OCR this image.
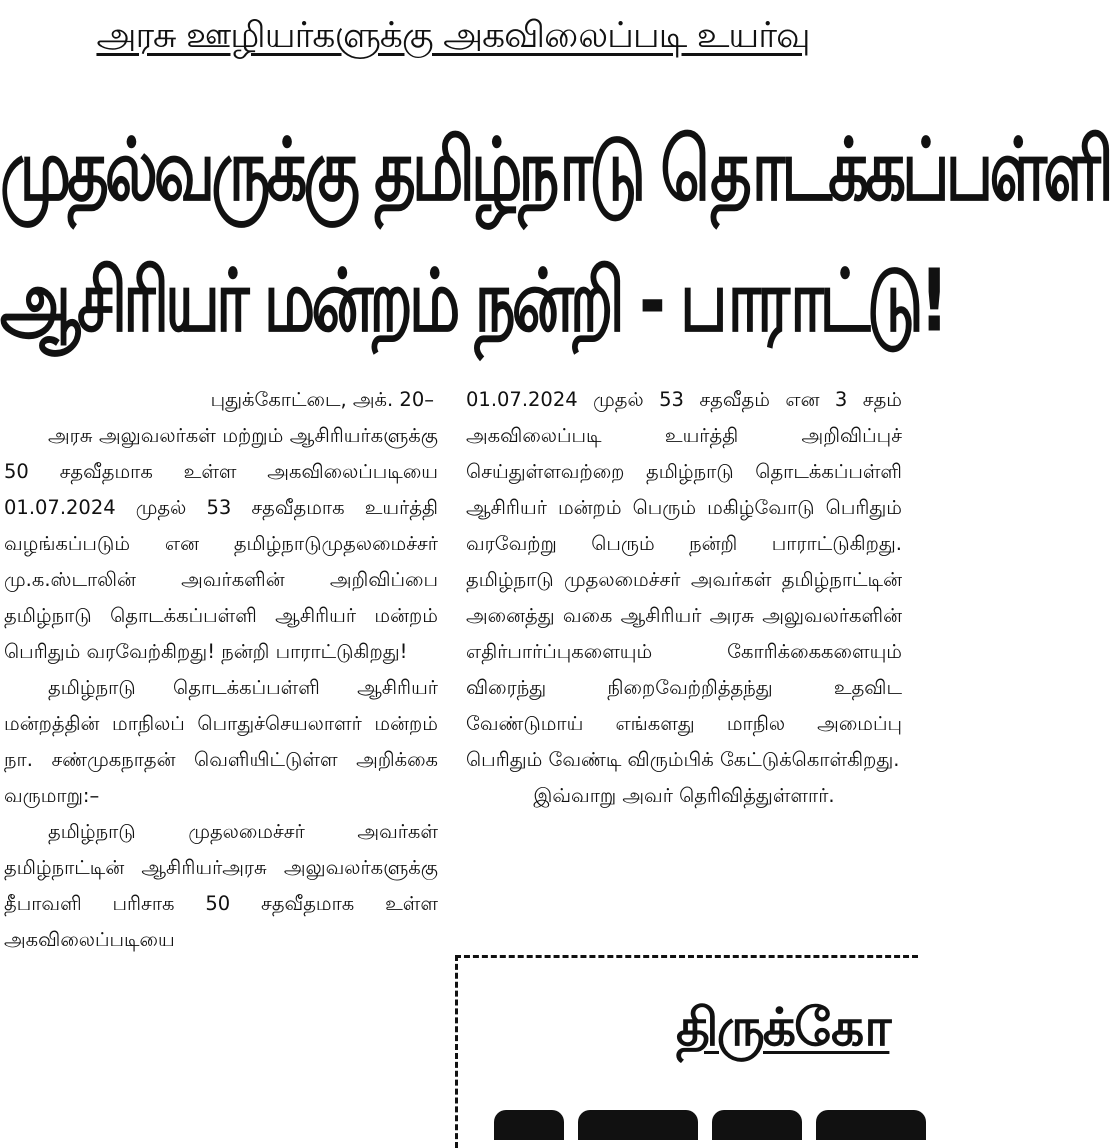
அரசு ஊழியர்களுக்கு அகவிலைப்படி உயர்வு
முதல்வருக்கு தமிழ்நாடு தொடக்கப்பள்ளி
ஆசிரியர் மன்றம் நன்றி - பாராட்டு!

புதுக்கோட்டை, அக். 20–

அரசு அலுவலர்கள் மற்றும் ஆசிரியர்களுக்கு 50 சதவீதமாக உள்ள அகவிலைப்படியை 01.07.2024 முதல் 53 சதவீதமாக உயர்த்தி வழங்கப்படும் என தமிழ்நாடுமுதலமைச்சர் மு.க.ஸ்டாலின் அவர்களின் அறிவிப்பை தமிழ்நாடு தொடக்கப்பள்ளி ஆசிரியர் மன்றம் பெரிதும் வரவேற்கிறது! நன்றி பாராட்டுகிறது!

தமிழ்நாடு தொடக்கப்பள்ளி ஆசிரியர் மன்றத்தின் மாநிலப் பொதுச்செயலாளர் மன்றம் நா. சண்முகநாதன் வெளியிட்டுள்ள அறிக்கை வருமாறு:–

தமிழ்நாடு முதலமைச்சர் அவர்கள் தமிழ்நாட்டின் ஆசிரியர்அரசு அலுவலர்களுக்கு தீபாவளி பரிசாக 50 சதவீதமாக உள்ள அகவிலைப்படியை

01.07.2024 முதல் 53 சதவீதம் என 3 சதம் அகவிலைப்படி உயர்த்தி அறிவிப்புச் செய்துள்ளவற்றை தமிழ்நாடு தொடக்கப்பள்ளி ஆசிரியர் மன்றம் பெரும் மகிழ்வோடு பெரிதும் வரவேற்று பெரும் நன்றி பாராட்டுகிறது. தமிழ்நாடு முதலமைச்சர் அவர்கள் தமிழ்நாட்டின் அனைத்து வகை ஆசிரியர் அரசு அலுவலர்களின் எதிர்பார்ப்புகளையும் கோரிக்கைகளையும் விரைந்து நிறைவேற்றித்தந்து உதவிட வேண்டுமாய் எங்களது மாநில அமைப்பு பெரிதும் வேண்டி விரும்பிக் கேட்டுக்கொள்கிறது.

இவ்வாறு அவர் தெரிவித்துள்ளார்.

திருக்கோ
